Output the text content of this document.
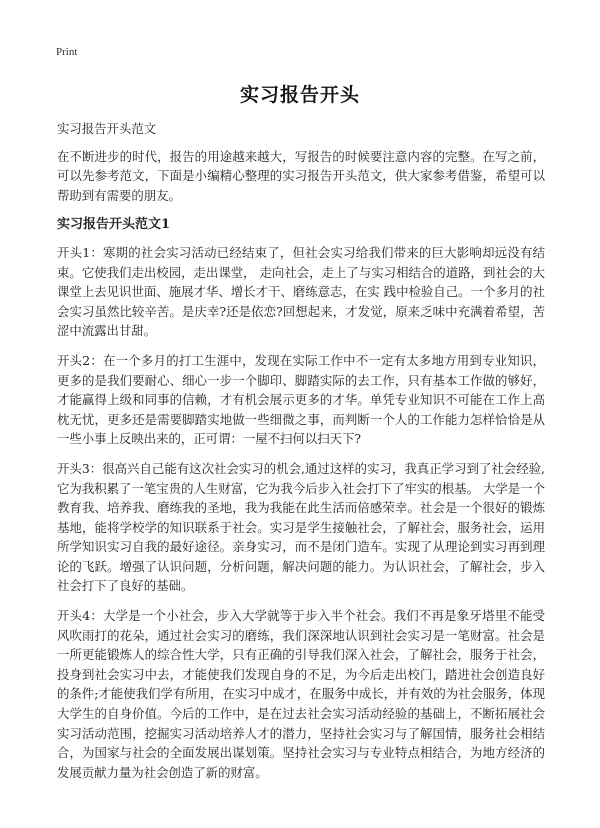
Print
实习报告开头

实习报告开头范文

在不断进步的时代，报告的用途越来越大，写报告的时候要注意内容的完整。在写之前，可以先参考范文，下面是小编精心整理的实习报告开头范文，供大家参考借鉴，希望可以帮助到有需要的朋友。

实习报告开头范文1

开头1：寒期的社会实习活动已经结束了，但社会实习给我们带来的巨大影响却远没有结束。它使我们走出校园，走出课堂， 走向社会，走上了与实习相结合的道路，到社会的大课堂上去见识世面、施展才华、增长才干、磨练意志，在实 践中检验自己。一个多月的社会实习虽然比较辛苦。是庆幸?还是依恋?回想起来，才发觉，原来乏味中充满着希望，苦涩中流露出甘甜。

开头2：在一个多月的打工生涯中，发现在实际工作中不一定有太多地方用到专业知识，更多的是我们要耐心、细心一步一个脚印、脚踏实际的去工作，只有基本工作做的够好，才能赢得上级和同事的信赖，才有机会展示更多的才华。单凭专业知识不可能在工作上高枕无忧，更多还是需要脚踏实地做一些细微之事，而判断一个人的工作能力怎样恰恰是从一些小事上反映出来的，正可谓：一屋不扫何以扫天下?

开头3：很高兴自己能有这次社会实习的机会,通过这样的实习，我真正学习到了社会经验,它为我积累了一笔宝贵的人生财富，它为我今后步入社会打下了牢实的根基。 大学是一个教育我、培养我、磨练我的圣地，我为我能在此生活而倍感荣幸。社会是一个很好的锻炼基地，能将学校学的知识联系于社会。实习是学生接触社会，了解社会，服务社会，运用所学知识实习自我的最好途径。亲身实习，而不是闭门造车。实现了从理论到实习再到理论的飞跃。增强了认识问题，分析问题，解决问题的能力。为认识社会，了解社会，步入社会打下了良好的基础。

开头4：大学是一个小社会，步入大学就等于步入半个社会。我们不再是象牙塔里不能受风吹雨打的花朵，通过社会实习的磨练，我们深深地认识到社会实习是一笔财富。社会是一所更能锻炼人的综合性大学，只有正确的引导我们深入社会，了解社会，服务于社会，投身到社会实习中去，才能使我们发现自身的不足，为今后走出校门，踏进社会创造良好的条件;才能使我们学有所用，在实习中成才，在服务中成长，并有效的为社会服务，体现大学生的自身价值。今后的工作中，是在过去社会实习活动经验的基础上，不断拓展社会实习活动范围，挖掘实习活动培养人才的潜力，坚持社会实习与了解国情，服务社会相结合，为国家与社会的全面发展出谋划策。坚持社会实习与专业特点相结合，为地方经济的发展贡献力量为社会创造了新的财富。
